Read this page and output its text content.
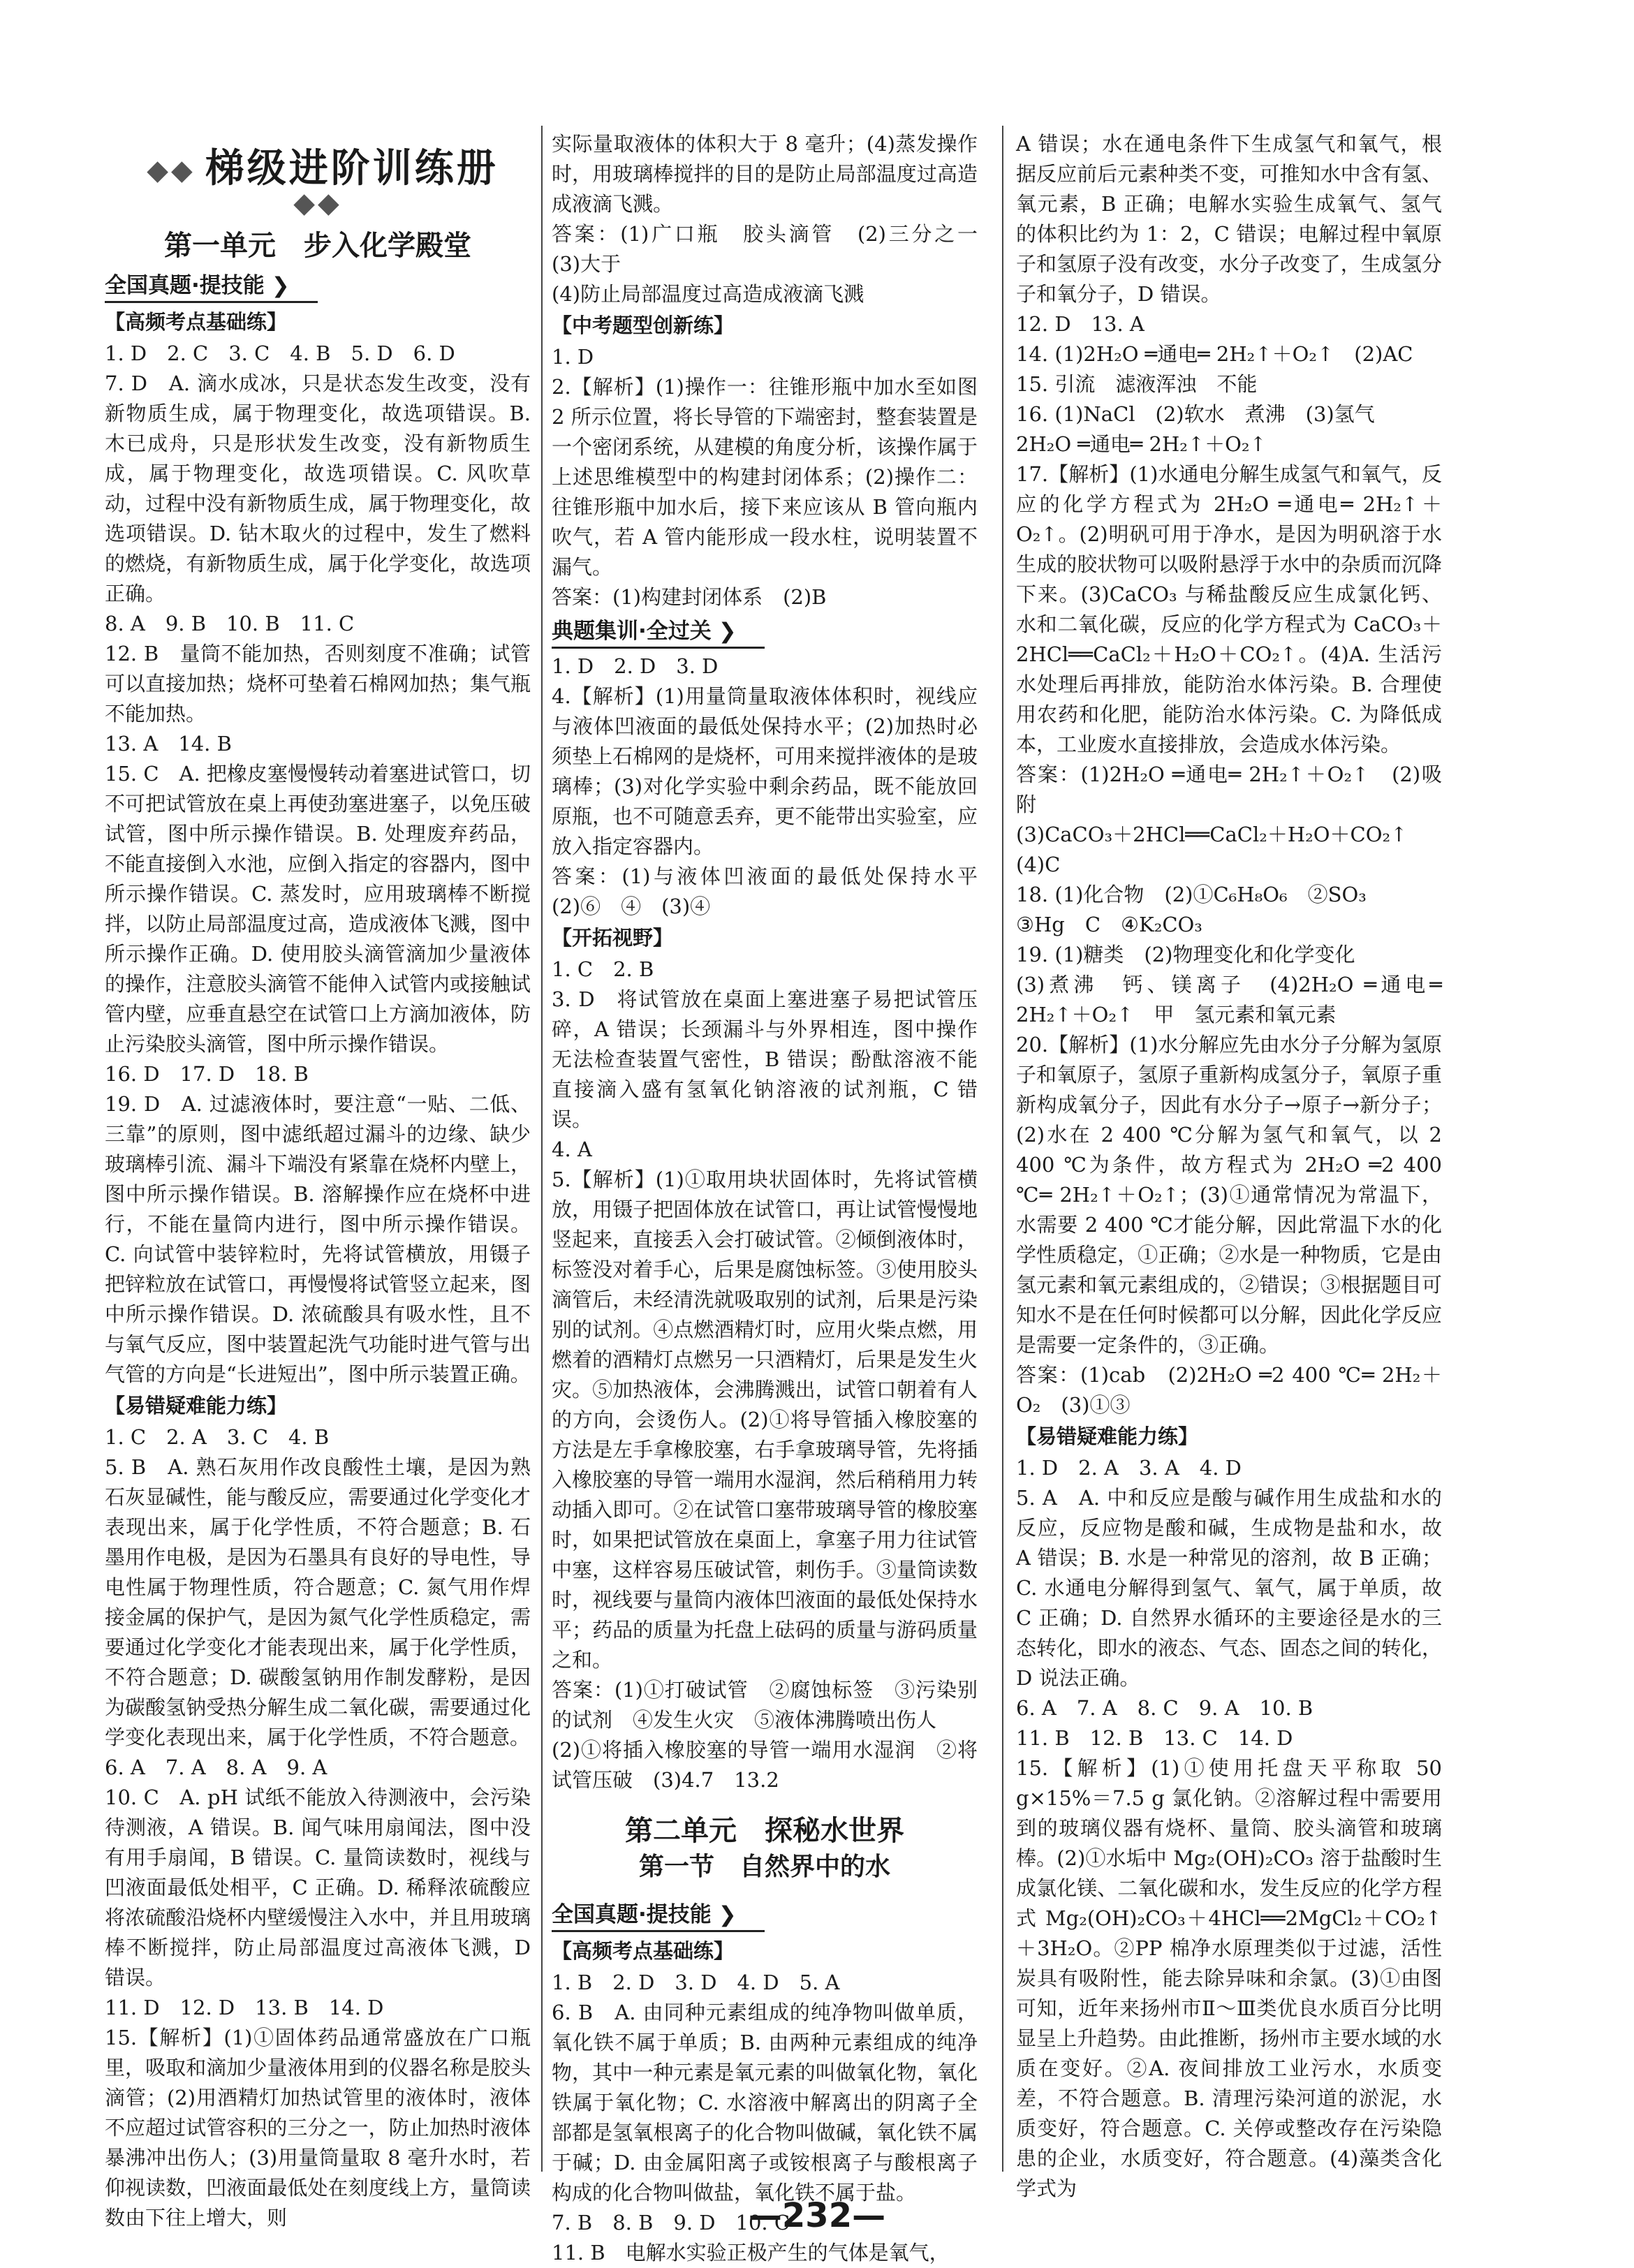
◆◆ 梯级进阶训练册◆◆
第一单元　步入化学殿堂
全国真题·提技能 ❯
【高频考点基础练】

1. D　2. C　3. C　4. B　5. D　6. D

7. D　A. 滴水成冰，只是状态发生改变，没有新物质生成，属于物理变化，故选项错误。B. 木已成舟，只是形状发生改变，没有新物质生成，属于物理变化，故选项错误。C. 风吹草动，过程中没有新物质生成，属于物理变化，故选项错误。D. 钻木取火的过程中，发生了燃料的燃烧，有新物质生成，属于化学变化，故选项正确。

8. A　9. B　10. B　11. C

12. B　量筒不能加热，否则刻度不准确；试管可以直接加热；烧杯可垫着石棉网加热；集气瓶不能加热。

13. A　14. B

15. C　A. 把橡皮塞慢慢转动着塞进试管口，切不可把试管放在桌上再使劲塞进塞子，以免压破试管，图中所示操作错误。B. 处理废弃药品，不能直接倒入水池，应倒入指定的容器内，图中所示操作错误。C. 蒸发时，应用玻璃棒不断搅拌，以防止局部温度过高，造成液体飞溅，图中所示操作正确。D. 使用胶头滴管滴加少量液体的操作，注意胶头滴管不能伸入试管内或接触试管内壁，应垂直悬空在试管口上方滴加液体，防止污染胶头滴管，图中所示操作错误。

16. D　17. D　18. B

19. D　A. 过滤液体时，要注意“一贴、二低、三靠”的原则，图中滤纸超过漏斗的边缘、缺少玻璃棒引流、漏斗下端没有紧靠在烧杯内壁上，图中所示操作错误。B. 溶解操作应在烧杯中进行，不能在量筒内进行，图中所示操作错误。C. 向试管中装锌粒时，先将试管横放，用镊子把锌粒放在试管口，再慢慢将试管竖立起来，图中所示操作错误。D. 浓硫酸具有吸水性，且不与氧气反应，图中装置起洗气功能时进气管与出气管的方向是“长进短出”，图中所示装置正确。

【易错疑难能力练】

1. C　2. A　3. C　4. B

5. B　A. 熟石灰用作改良酸性土壤，是因为熟石灰显碱性，能与酸反应，需要通过化学变化才表现出来，属于化学性质，不符合题意；B. 石墨用作电极，是因为石墨具有良好的导电性，导电性属于物理性质，符合题意；C. 氮气用作焊接金属的保护气，是因为氮气化学性质稳定，需要通过化学变化才能表现出来，属于化学性质，不符合题意；D. 碳酸氢钠用作制发酵粉，是因为碳酸氢钠受热分解生成二氧化碳，需要通过化学变化表现出来，属于化学性质，不符合题意。

6. A　7. A　8. A　9. A

10. C　A. pH 试纸不能放入待测液中，会污染待测液，A 错误。B. 闻气味用扇闻法，图中没有用手扇闻，B 错误。C. 量筒读数时，视线与凹液面最低处相平，C 正确。D. 稀释浓硫酸应将浓硫酸沿烧杯内壁缓慢注入水中，并且用玻璃棒不断搅拌，防止局部温度过高液体飞溅，D 错误。

11. D　12. D　13. B　14. D

15.【解析】(1)①固体药品通常盛放在广口瓶里，吸取和滴加少量液体用到的仪器名称是胶头滴管；(2)用酒精灯加热试管里的液体时，液体不应超过试管容积的三分之一，防止加热时液体暴沸冲出伤人；(3)用量筒量取 8 毫升水时，若仰视读数，凹液面最低处在刻度线上方，量筒读数由下往上增大，则

实际量取液体的体积大于 8 毫升；(4)蒸发操作时，用玻璃棒搅拌的目的是防止局部温度过高造成液滴飞溅。

答案：(1)广口瓶　胶头滴管　(2)三分之一　(3)大于

(4)防止局部温度过高造成液滴飞溅

【中考题型创新练】

1. D

2.【解析】(1)操作一：往锥形瓶中加水至如图 2 所示位置，将长导管的下端密封，整套装置是一个密闭系统，从建模的角度分析，该操作属于上述思维模型中的构建封闭体系；(2)操作二：往锥形瓶中加水后，接下来应该从 B 管向瓶内吹气，若 A 管内能形成一段水柱，说明装置不漏气。

答案：(1)构建封闭体系　(2)B

典题集训·全过关 ❯

1. D　2. D　3. D

4.【解析】(1)用量筒量取液体体积时，视线应与液体凹液面的最低处保持水平；(2)加热时必须垫上石棉网的是烧杯，可用来搅拌液体的是玻璃棒；(3)对化学实验中剩余药品，既不能放回原瓶，也不可随意丢弃，更不能带出实验室，应放入指定容器内。

答案：(1)与液体凹液面的最低处保持水平　(2)⑥　④　(3)④

【开拓视野】

1. C　2. B

3. D　将试管放在桌面上塞进塞子易把试管压碎，A 错误；长颈漏斗与外界相连，图中操作无法检查装置气密性，B 错误；酚酞溶液不能直接滴入盛有氢氧化钠溶液的试剂瓶，C 错误。

4. A

5.【解析】(1)①取用块状固体时，先将试管横放，用镊子把固体放在试管口，再让试管慢慢地竖起来，直接丢入会打破试管。②倾倒液体时，标签没对着手心，后果是腐蚀标签。③使用胶头滴管后，未经清洗就吸取别的试剂，后果是污染别的试剂。④点燃酒精灯时，应用火柴点燃，用燃着的酒精灯点燃另一只酒精灯，后果是发生火灾。⑤加热液体，会沸腾溅出，试管口朝着有人的方向，会烫伤人。(2)①将导管插入橡胶塞的方法是左手拿橡胶塞，右手拿玻璃导管，先将插入橡胶塞的导管一端用水湿润，然后稍稍用力转动插入即可。②在试管口塞带玻璃导管的橡胶塞时，如果把试管放在桌面上，拿塞子用力往试管中塞，这样容易压破试管，刺伤手。③量筒读数时，视线要与量筒内液体凹液面的最低处保持水平；药品的质量为托盘上砝码的质量与游码质量之和。

答案：(1)①打破试管　②腐蚀标签　③污染别的试剂　④发生火灾　⑤液体沸腾喷出伤人

(2)①将插入橡胶塞的导管一端用水湿润　②将试管压破　(3)4.7　13.2

第二单元　探秘水世界
第一节　自然界中的水
全国真题·提技能 ❯
【高频考点基础练】

1. B　2. D　3. D　4. D　5. A

6. B　A. 由同种元素组成的纯净物叫做单质，氧化铁不属于单质；B. 由两种元素组成的纯净物，其中一种元素是氧元素的叫做氧化物，氧化铁属于氧化物；C. 水溶液中解离出的阴离子全部都是氢氧根离子的化合物叫做碱，氧化铁不属于碱；D. 由金属阳离子或铵根离子与酸根离子构成的化合物叫做盐，氧化铁不属于盐。

7. B　8. B　9. D　10. C

11. B　电解水实验正极产生的气体是氧气，

A 错误；水在通电条件下生成氢气和氧气，根据反应前后元素种类不变，可推知水中含有氢、氧元素，B 正确；电解水实验生成氧气、氢气的体积比约为 1：2，C 错误；电解过程中氧原子和氢原子没有改变，水分子改变了，生成氢分子和氧分子，D 错误。

12. D　13. A

14. (1)2H₂O ═通电═ 2H₂↑＋O₂↑　(2)AC

15. 引流　滤液浑浊　不能

16. (1)NaCl　(2)软水　煮沸　(3)氢气

2H₂O ═通电═ 2H₂↑＋O₂↑

17.【解析】(1)水通电分解生成氢气和氧气，反应的化学方程式为 2H₂O ═通电═ 2H₂↑＋O₂↑。(2)明矾可用于净水，是因为明矾溶于水生成的胶状物可以吸附悬浮于水中的杂质而沉降下来。(3)CaCO₃ 与稀盐酸反应生成氯化钙、水和二氧化碳，反应的化学方程式为 CaCO₃＋2HCl══CaCl₂＋H₂O＋CO₂↑。(4)A. 生活污水处理后再排放，能防治水体污染。B. 合理使用农药和化肥，能防治水体污染。C. 为降低成本，工业废水直接排放，会造成水体污染。

答案：(1)2H₂O ═通电═ 2H₂↑＋O₂↑　(2)吸附

(3)CaCO₃＋2HCl══CaCl₂＋H₂O＋CO₂↑

(4)C

18. (1)化合物　(2)①C₆H₈O₆　②SO₃

③Hg　C　④K₂CO₃

19. (1)糖类　(2)物理变化和化学变化

(3)煮沸　钙、镁离子　(4)2H₂O ═通电═ 2H₂↑＋O₂↑　甲　氢元素和氧元素

20.【解析】(1)水分解应先由水分子分解为氢原子和氧原子，氢原子重新构成氢分子，氧原子重新构成氧分子，因此有水分子→原子→新分子；(2)水在 2 400 ℃分解为氢气和氧气，以 2 400 ℃为条件，故方程式为 2H₂O ═2 400 ℃═ 2H₂↑＋O₂↑；(3)①通常情况为常温下，水需要 2 400 ℃才能分解，因此常温下水的化学性质稳定，①正确；②水是一种物质，它是由氢元素和氧元素组成的，②错误；③根据题目可知水不是在任何时候都可以分解，因此化学反应是需要一定条件的，③正确。

答案：(1)cab　(2)2H₂O ═2 400 ℃═ 2H₂＋O₂　(3)①③

【易错疑难能力练】

1. D　2. A　3. A　4. D

5. A　A. 中和反应是酸与碱作用生成盐和水的反应，反应物是酸和碱，生成物是盐和水，故 A 错误；B. 水是一种常见的溶剂，故 B 正确；C. 水通电分解得到氢气、氧气，属于单质，故 C 正确；D. 自然界水循环的主要途径是水的三态转化，即水的液态、气态、固态之间的转化，D 说法正确。

6. A　7. A　8. C　9. A　10. B

11. B　12. B　13. C　14. D

15.【解析】(1)①使用托盘天平称取 50 g×15%＝7.5 g 氯化钠。②溶解过程中需要用到的玻璃仪器有烧杯、量筒、胶头滴管和玻璃棒。(2)①水垢中 Mg₂(OH)₂CO₃ 溶于盐酸时生成氯化镁、二氧化碳和水，发生反应的化学方程式 Mg₂(OH)₂CO₃＋4HCl══2MgCl₂＋CO₂↑＋3H₂O。②PP 棉净水原理类似于过滤，活性炭具有吸附性，能去除异味和余氯。(3)①由图可知，近年来扬州市Ⅱ～Ⅲ类优良水质百分比明显呈上升趋势。由此推断，扬州市主要水域的水质在变好。②A. 夜间排放工业污水，水质变差，不符合题意。B. 清理污染河道的淤泥，水质变好，符合题意。C. 关停或整改存在污染隐患的企业，水质变好，符合题意。(4)藻类含化学式为

—232—
